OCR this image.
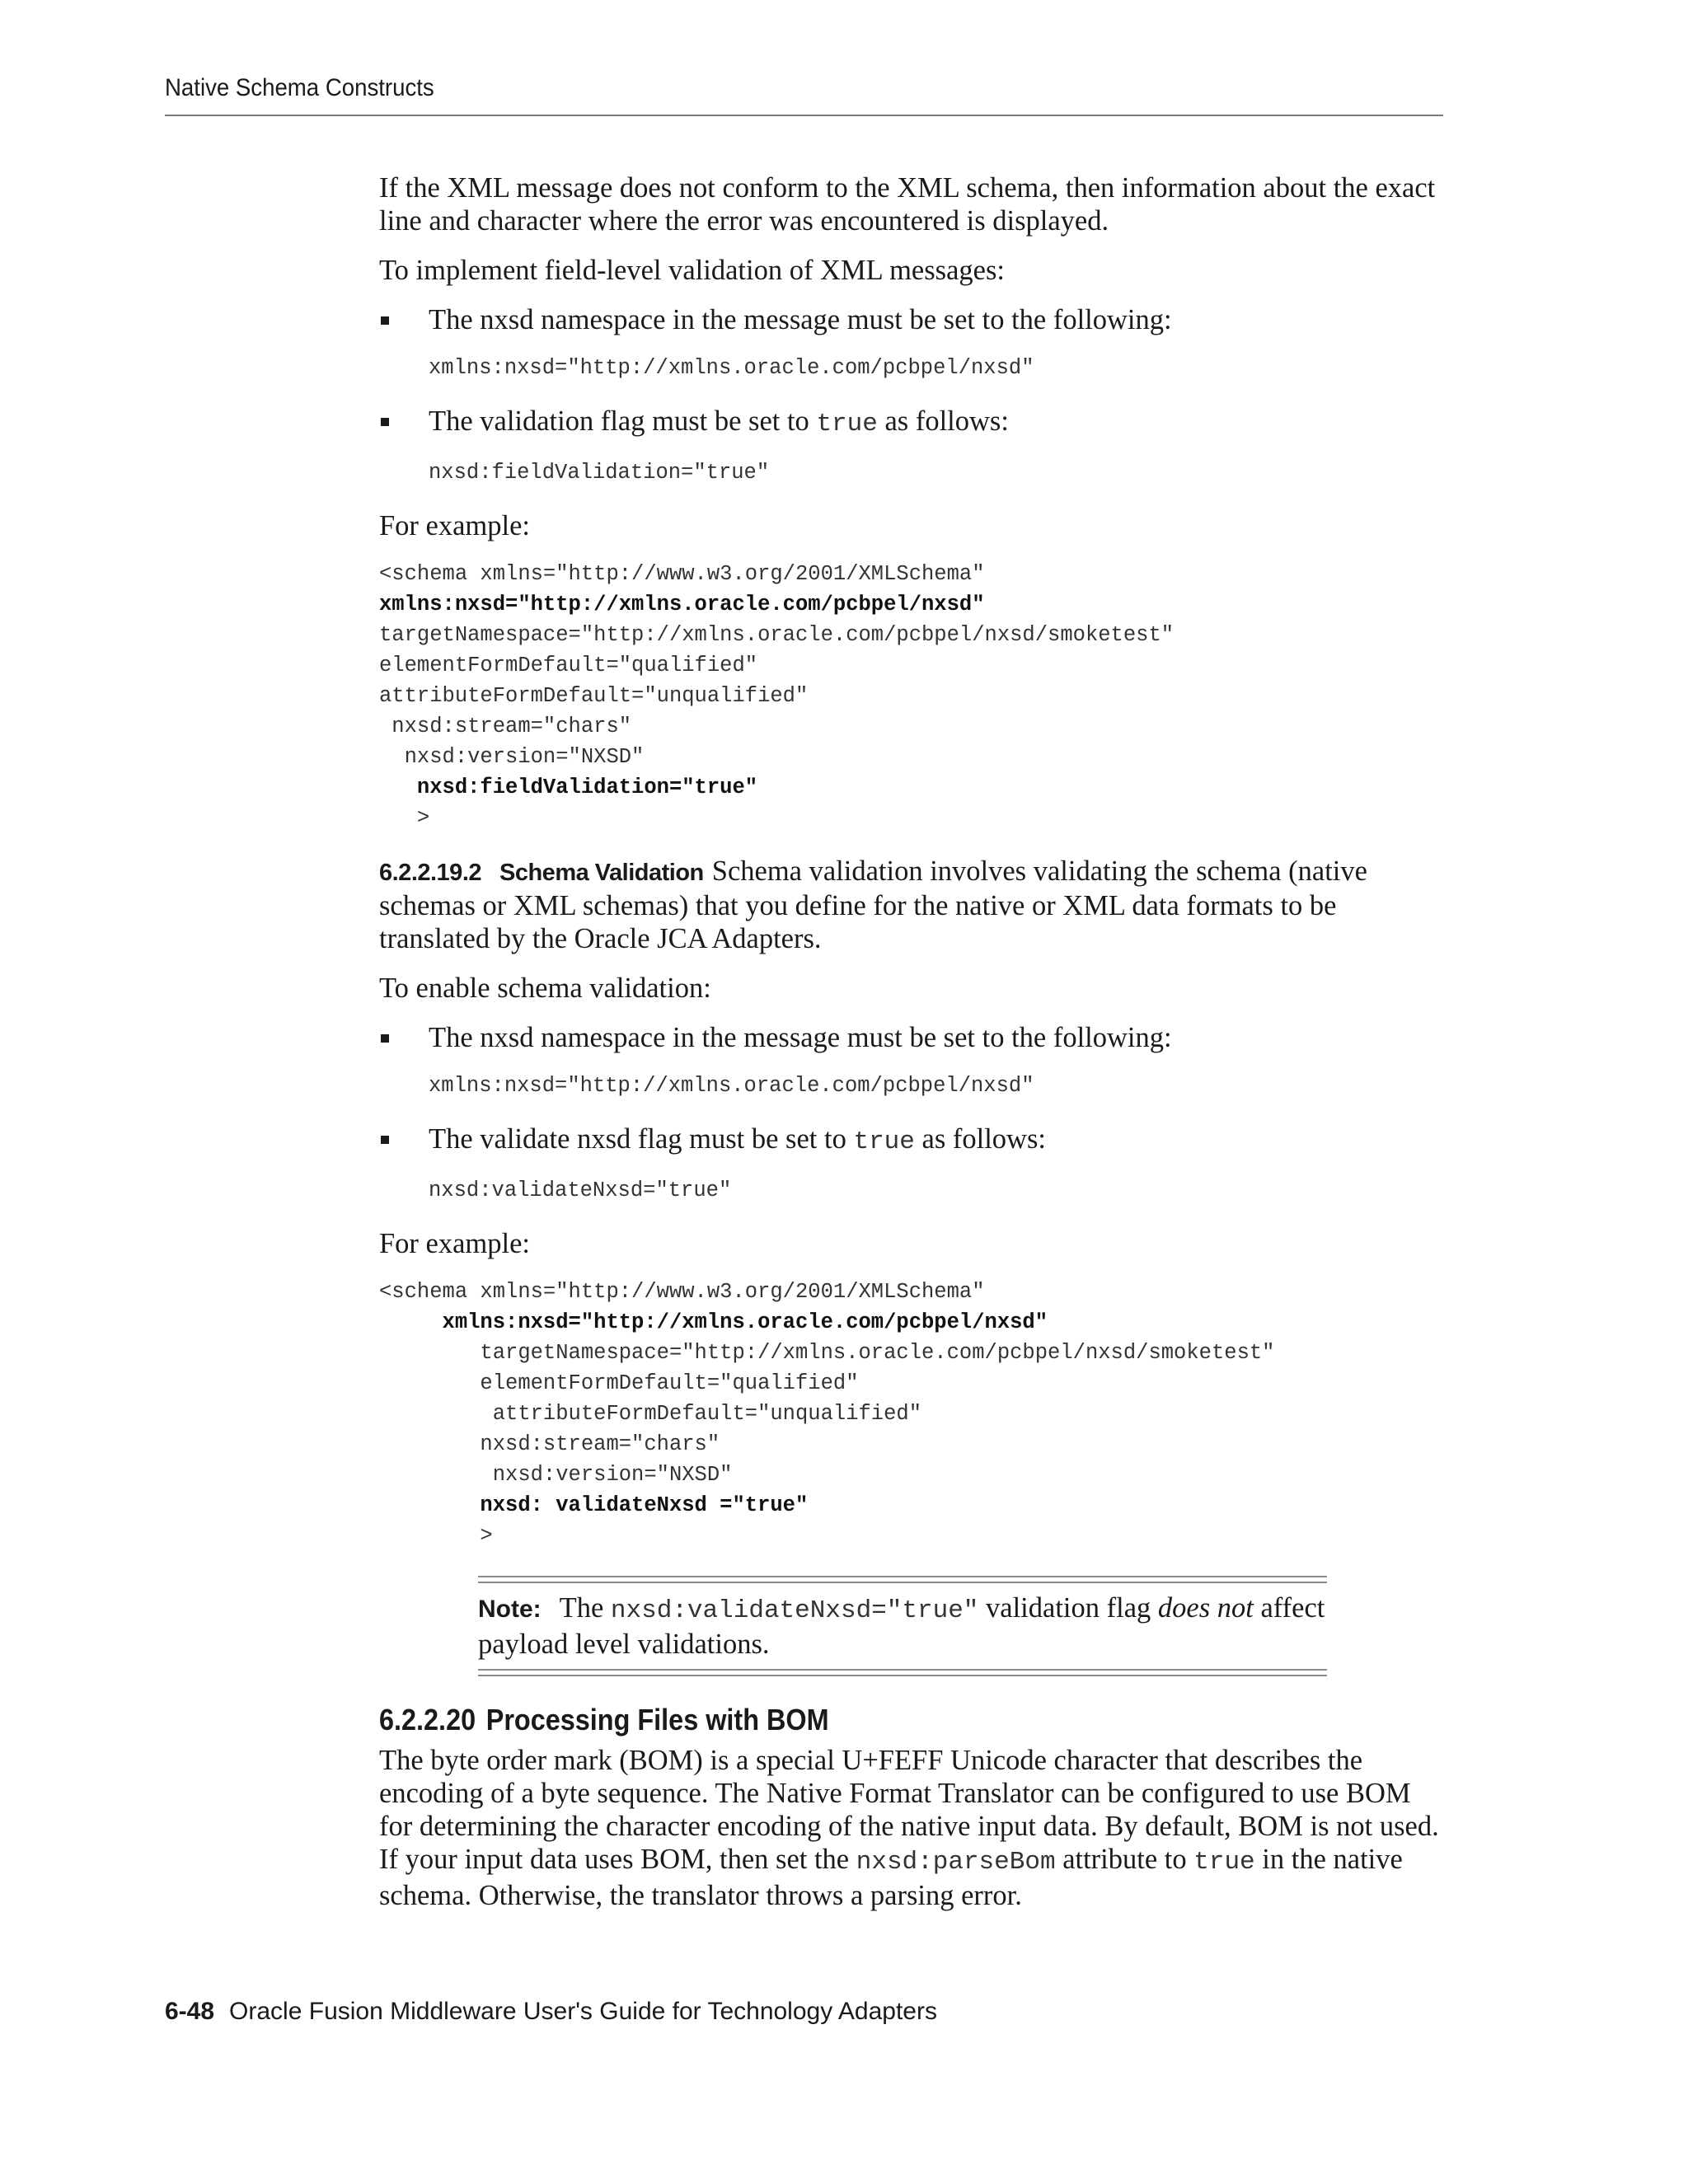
Native Schema Constructs

If the XML message does not conform to the XML schema, then information about the exact line and character where the error was encountered is displayed.

To implement field-level validation of XML messages:

The nxsd namespace in the message must be set to the following:
xmlns:nxsd="http://xmlns.oracle.com/pcbpel/nxsd"
The validation flag must be set to true as follows:
nxsd:fieldValidation="true"

For example:

<schema xmlns="http://www.w3.org/2001/XMLSchema"
xmlns:nxsd="http://xmlns.oracle.com/pcbpel/nxsd"
targetNamespace="http://xmlns.oracle.com/pcbpel/nxsd/smoketest"
elementFormDefault="qualified"
attributeFormDefault="unqualified"
nxsd:stream="chars"
nxsd:version="NXSD"
nxsd:fieldValidation="true"
>

6.2.2.19.2 Schema Validation Schema validation involves validating the schema (native schemas or XML schemas) that you define for the native or XML data formats to be translated by the Oracle JCA Adapters.

To enable schema validation:

The nxsd namespace in the message must be set to the following:
xmlns:nxsd="http://xmlns.oracle.com/pcbpel/nxsd"
The validate nxsd flag must be set to true as follows:
nxsd:validateNxsd="true"

For example:

<schema xmlns="http://www.w3.org/2001/XMLSchema"
xmlns:nxsd="http://xmlns.oracle.com/pcbpel/nxsd"
targetNamespace="http://xmlns.oracle.com/pcbpel/nxsd/smoketest"
elementFormDefault="qualified"
attributeFormDefault="unqualified"
nxsd:stream="chars"
nxsd:version="NXSD"
nxsd: validateNxsd ="true"
>
Note: The nxsd:validateNxsd="true" validation flag does not affect payload level validations.
6.2.2.20 Processing Files with BOM

The byte order mark (BOM) is a special U+FEFF Unicode character that describes the encoding of a byte sequence. The Native Format Translator can be configured to use BOM for determining the character encoding of the native input data. By default, BOM is not used. If your input data uses BOM, then set the nxsd:parseBom attribute to true in the native schema. Otherwise, the translator throws a parsing error.

6-48 Oracle Fusion Middleware User's Guide for Technology Adapters
